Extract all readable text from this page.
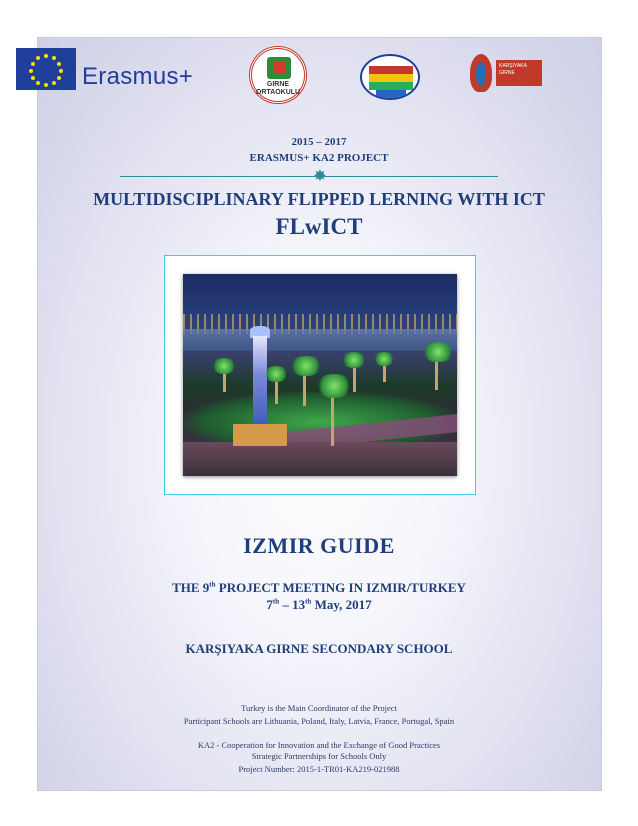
Erasmus+	GIRNE ORTAOKULU
KARŞIYAKA GIRNE
2015 – 2017
ERASMUS+ KA2 PROJECT
✸
MULTIDISCIPLINARY FLIPPED LERNING WITH ICT
FLwICT
IZMIR GUIDE
THE 9th PROJECT MEETING IN IZMIR/TURKEY
7th – 13th May, 2017
KARŞIYAKA GIRNE SECONDARY SCHOOL
Turkey is the Main Coordinator of the Project
Participant Schools are Lithuania, Poland, Italy, Latvia, France, Portugal, Spain
KA2 - Cooperation for Innovation and the Exchange of Good Practices
Strategic Partnerships for Schools Only
Project Number: 2015-1-TR01-KA219-021988
